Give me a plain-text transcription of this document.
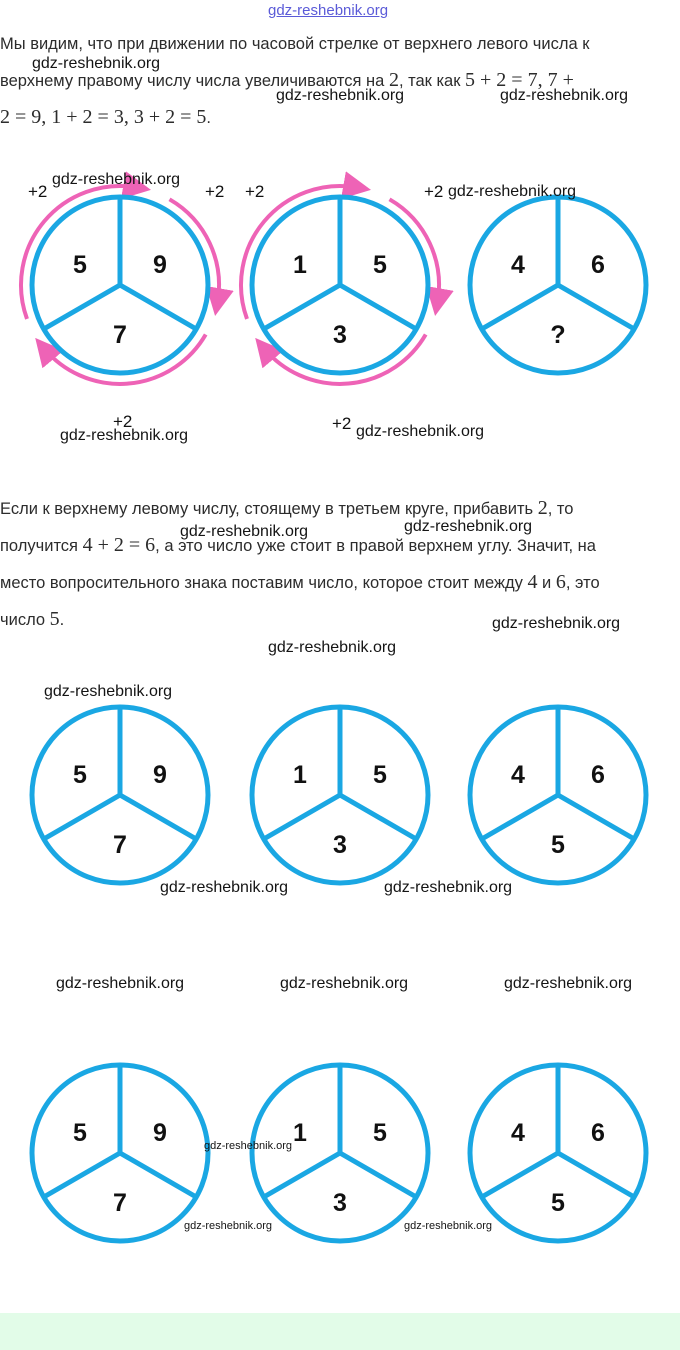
gdz-reshebnik.org
Мы видим, что при движении по часовой стрелке от верхнего левого числа к
верхнему правому числу числа увеличиваются на 2, так как 5 + 2 = 7, 7 +
2 = 9, 1 + 2 = 3, 3 + 2 = 5.
5	9
7
1	5
3
4	6
?
+2	+2 +2	+2
+2	+2
Если к верхнему левому числу, стоящему в третьем круге, прибавить 2, то
получится 4 + 2 = 6, а это число уже стоит в правой верхнем углу. Значит, на
место вопросительного знака поставим число, которое стоит между 4 и 6, это
число 5.
5	9
7
1	5
3
4	6
5
5	9
7
1	5
3
4	6
5
gdz-reshebnik.org
gdz-reshebnik.org	gdz-reshebnik.org
gdz-reshebnik.org
gdz-reshebnik.org
gdz-reshebnik.org	gdz-reshebnik.org
gdz-reshebnik.org	gdz-reshebnik.org
gdz-reshebnik.org
gdz-reshebnik.org
gdz-reshebnik.org
gdz-reshebnik.org	gdz-reshebnik.org
gdz-reshebnik.org	gdz-reshebnik.org	gdz-reshebnik.org
gdz-reshebnik.org
gdz-reshebnik.org	gdz-reshebnik.org
